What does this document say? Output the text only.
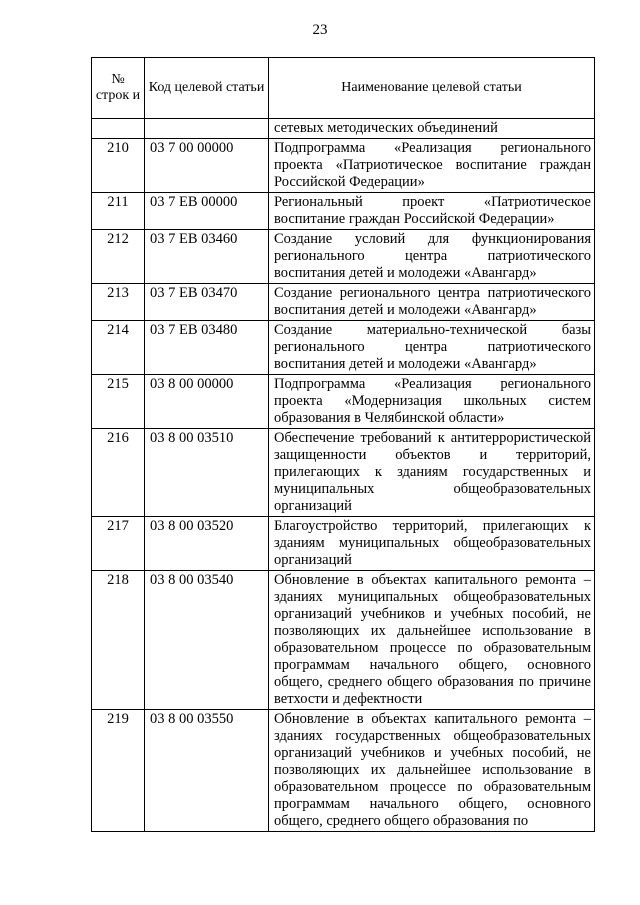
23
№ строк и	Код целевой статьи	Наименование целевой статьи
		сетевых методических объединений
210	03 7 00 00000	Подпрограмма «Реализация регионального проекта «Патриотическое воспитание граждан Российской Федерации»
211	03 7 ЕВ 00000	Региональный проект «Патриотическое воспитание граждан Российской Федерации»
212	03 7 ЕВ 03460	Создание условий для функционирования регионального центра патриотического воспитания детей и молодежи «Авангард»
213	03 7 ЕВ 03470	Создание регионального центра патриотического воспитания детей и молодежи «Авангард»
214	03 7 ЕВ 03480	Создание материально-технической базы регионального центра патриотического воспитания детей и молодежи «Авангард»
215	03 8 00 00000	Подпрограмма «Реализация регионального проекта «Модернизация школьных систем образования в Челябинской области»
216	03 8 00 03510	Обеспечение требований к антитеррористической защищенности объектов и территорий, прилегающих к зданиям государственных и муниципальных общеобразовательных организаций
217	03 8 00 03520	Благоустройство территорий, прилегающих к зданиям муниципальных общеобразовательных организаций
218	03 8 00 03540	Обновление в объектах капитального ремонта – зданиях муниципальных общеобразовательных организаций учебников и учебных пособий, не позволяющих их дальнейшее использование в образовательном процессе по образовательным программам начального общего, основного общего, среднего общего образования по причине ветхости и дефектности
219	03 8 00 03550	Обновление в объектах капитального ремонта – зданиях государственных общеобразовательных организаций учебников и учебных пособий, не позволяющих их дальнейшее использование в образовательном процессе по образовательным программам начального общего, основного общего, среднего общего образования по
